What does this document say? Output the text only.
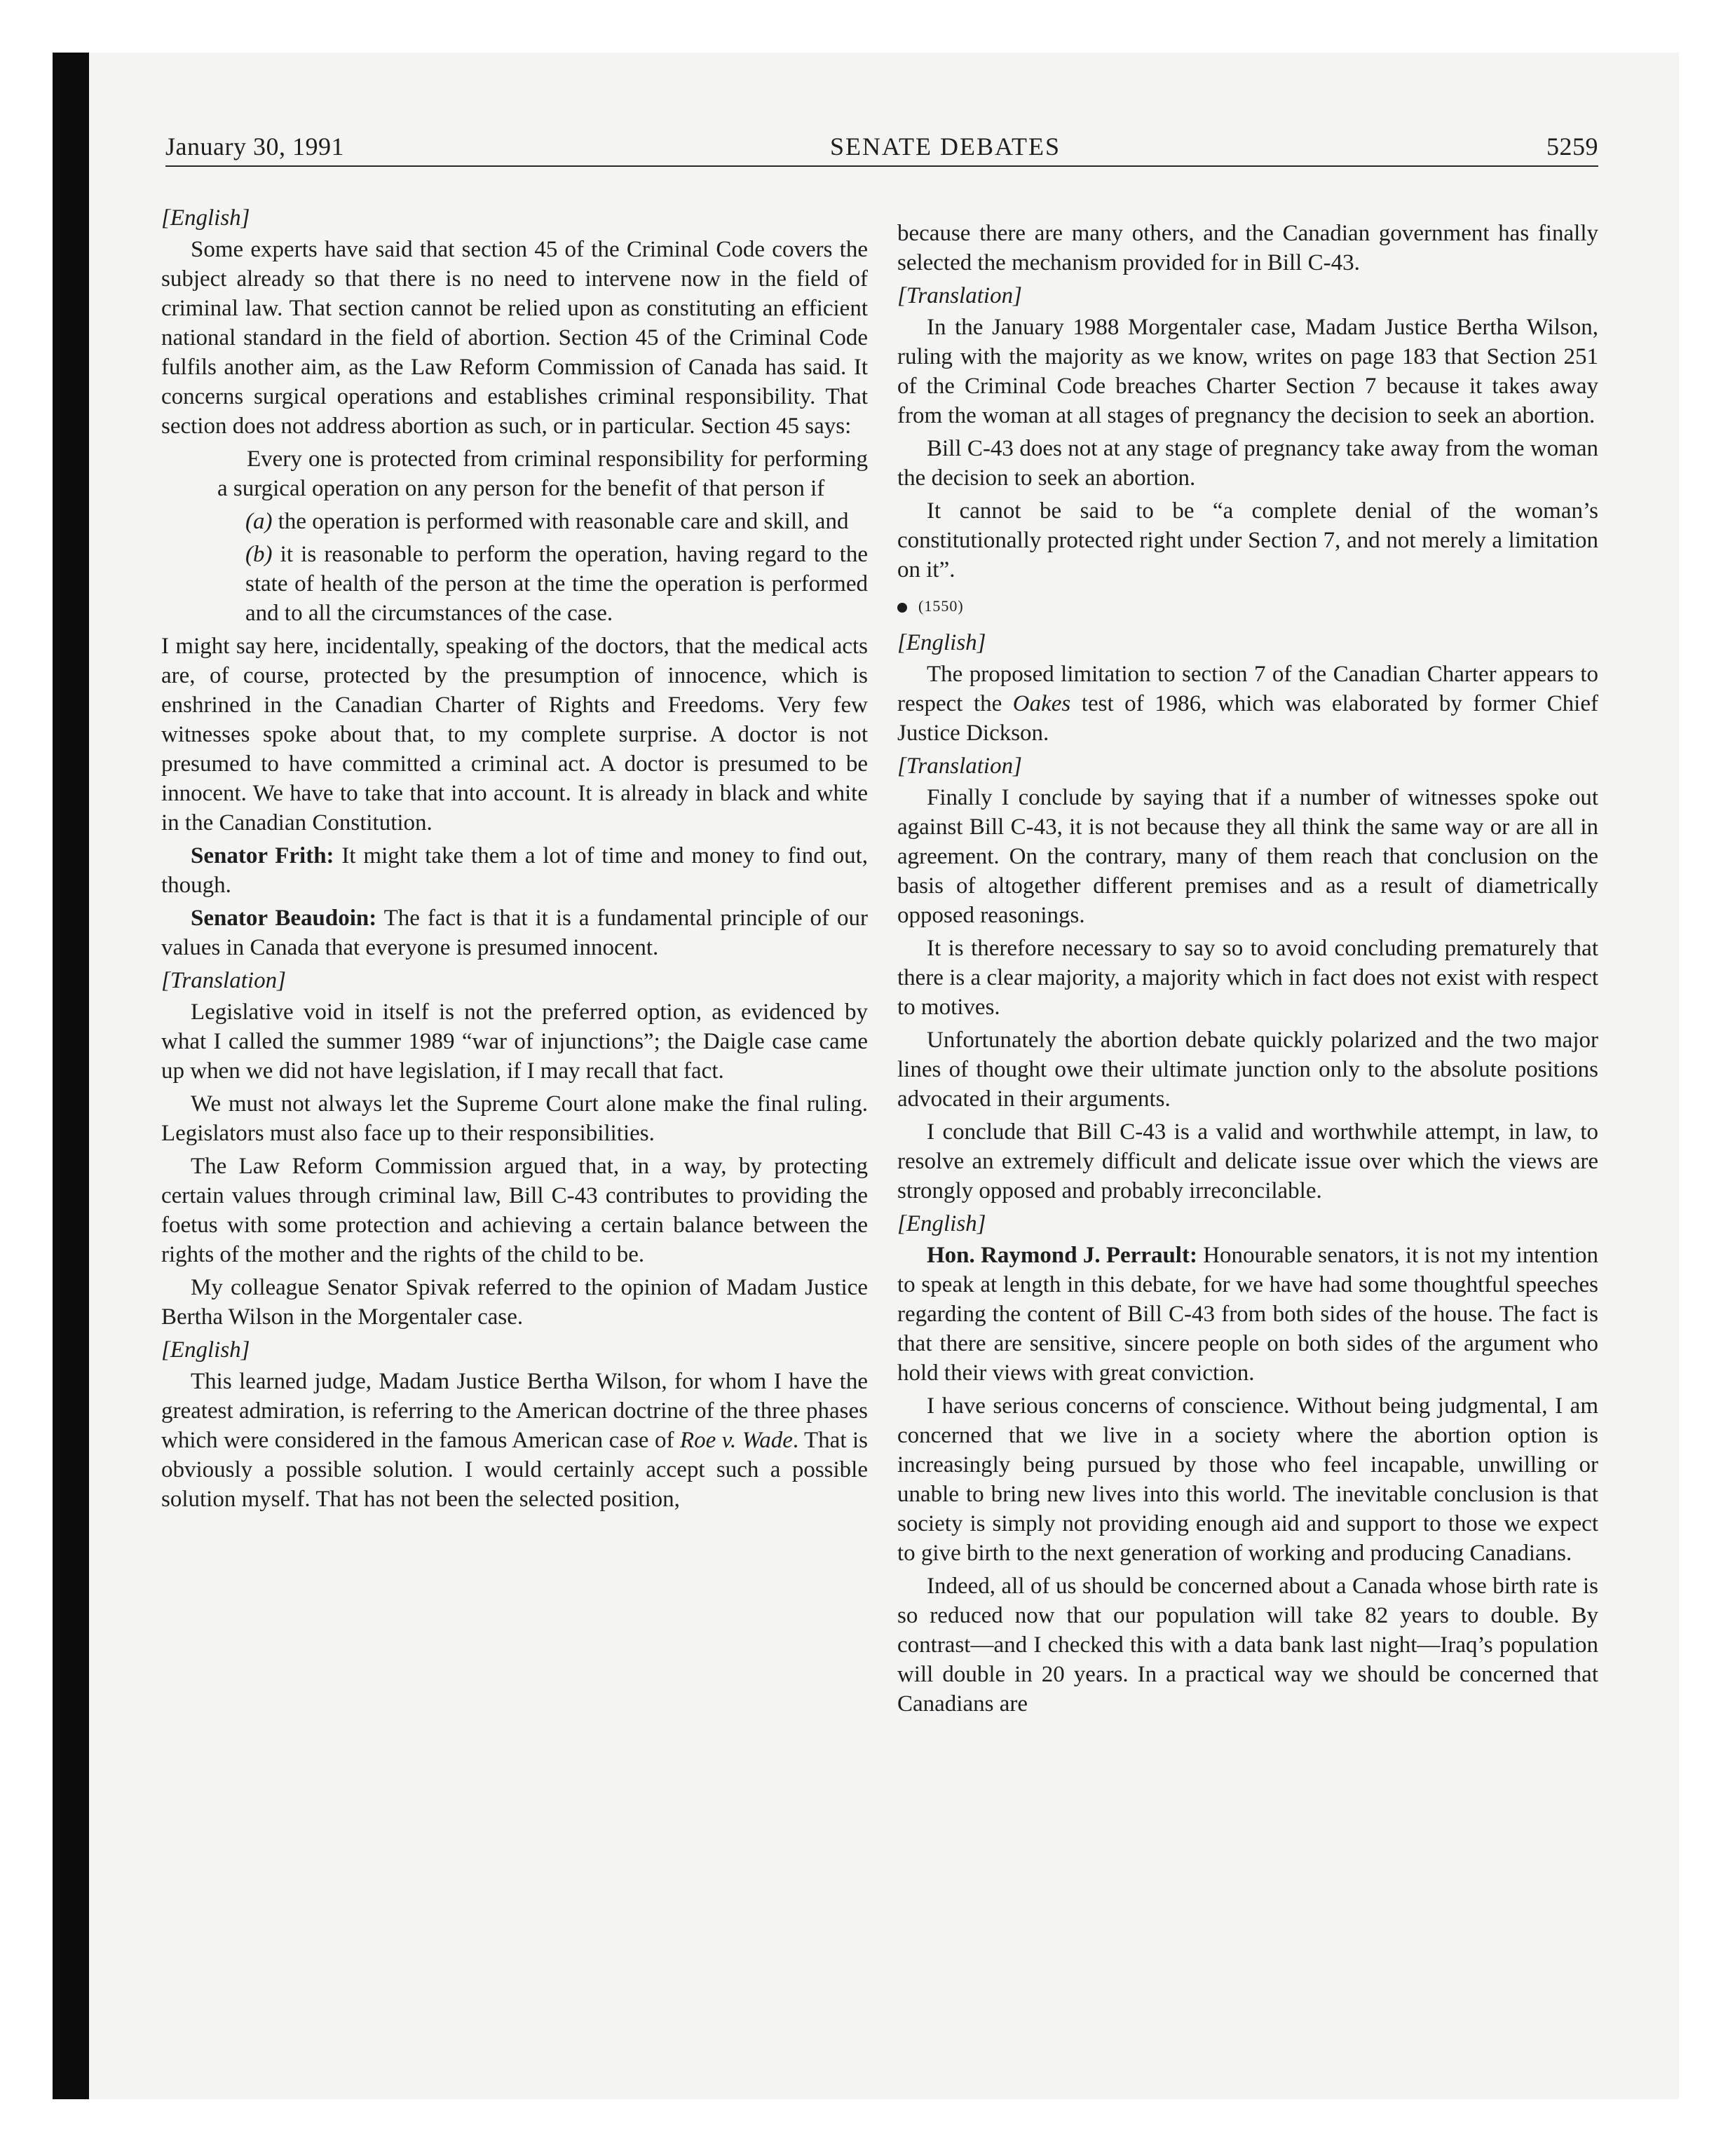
January 30, 1991	SENATE DEBATES	5259

[English]

Some experts have said that section 45 of the Criminal Code covers the subject already so that there is no need to intervene now in the field of criminal law. That section cannot be relied upon as constituting an efficient national standard in the field of abortion. Section 45 of the Criminal Code fulfils another aim, as the Law Reform Commission of Canada has said. It concerns surgical operations and establishes criminal responsibility. That section does not address abortion as such, or in particular. Section 45 says:

Every one is protected from criminal responsibility for performing a surgical operation on any person for the benefit of that person if

(a) the operation is performed with reasonable care and skill, and

(b) it is reasonable to perform the operation, having regard to the state of health of the person at the time the operation is performed and to all the circumstances of the case.

I might say here, incidentally, speaking of the doctors, that the medical acts are, of course, protected by the presumption of innocence, which is enshrined in the Canadian Charter of Rights and Freedoms. Very few witnesses spoke about that, to my complete surprise. A doctor is not presumed to have committed a criminal act. A doctor is presumed to be innocent. We have to take that into account. It is already in black and white in the Canadian Constitution.

Senator Frith: It might take them a lot of time and money to find out, though.

Senator Beaudoin: The fact is that it is a fundamental principle of our values in Canada that everyone is presumed innocent.

[Translation]

Legislative void in itself is not the preferred option, as evidenced by what I called the summer 1989 “war of injunctions”; the Daigle case came up when we did not have legislation, if I may recall that fact.

We must not always let the Supreme Court alone make the final ruling. Legislators must also face up to their responsibilities.

The Law Reform Commission argued that, in a way, by protecting certain values through criminal law, Bill C-43 contributes to providing the foetus with some protection and achieving a certain balance between the rights of the mother and the rights of the child to be.

My colleague Senator Spivak referred to the opinion of Madam Justice Bertha Wilson in the Morgentaler case.

[English]

This learned judge, Madam Justice Bertha Wilson, for whom I have the greatest admiration, is referring to the American doctrine of the three phases which were considered in the famous American case of Roe v. Wade. That is obviously a possible solution. I would certainly accept such a possible solution myself. That has not been the selected position,

because there are many others, and the Canadian government has finally selected the mechanism provided for in Bill C-43.

[Translation]

In the January 1988 Morgentaler case, Madam Justice Bertha Wilson, ruling with the majority as we know, writes on page 183 that Section 251 of the Criminal Code breaches Charter Section 7 because it takes away from the woman at all stages of pregnancy the decision to seek an abortion.

Bill C-43 does not at any stage of pregnancy take away from the woman the decision to seek an abortion.

It cannot be said to be “a complete denial of the woman’s constitutionally protected right under Section 7, and not merely a limitation on it”.

(1550)

[English]

The proposed limitation to section 7 of the Canadian Charter appears to respect the Oakes test of 1986, which was elaborated by former Chief Justice Dickson.

[Translation]

Finally I conclude by saying that if a number of witnesses spoke out against Bill C-43, it is not because they all think the same way or are all in agreement. On the contrary, many of them reach that conclusion on the basis of altogether different premises and as a result of diametrically opposed reasonings.

It is therefore necessary to say so to avoid concluding prematurely that there is a clear majority, a majority which in fact does not exist with respect to motives.

Unfortunately the abortion debate quickly polarized and the two major lines of thought owe their ultimate junction only to the absolute positions advocated in their arguments.

I conclude that Bill C-43 is a valid and worthwhile attempt, in law, to resolve an extremely difficult and delicate issue over which the views are strongly opposed and probably irreconcilable.

[English]

Hon. Raymond J. Perrault: Honourable senators, it is not my intention to speak at length in this debate, for we have had some thoughtful speeches regarding the content of Bill C-43 from both sides of the house. The fact is that there are sensitive, sincere people on both sides of the argument who hold their views with great conviction.

I have serious concerns of conscience. Without being judgmental, I am concerned that we live in a society where the abortion option is increasingly being pursued by those who feel incapable, unwilling or unable to bring new lives into this world. The inevitable conclusion is that society is simply not providing enough aid and support to those we expect to give birth to the next generation of working and producing Canadians.

Indeed, all of us should be concerned about a Canada whose birth rate is so reduced now that our population will take 82 years to double. By contrast—and I checked this with a data bank last night—Iraq’s population will double in 20 years. In a practical way we should be concerned that Canadians are
